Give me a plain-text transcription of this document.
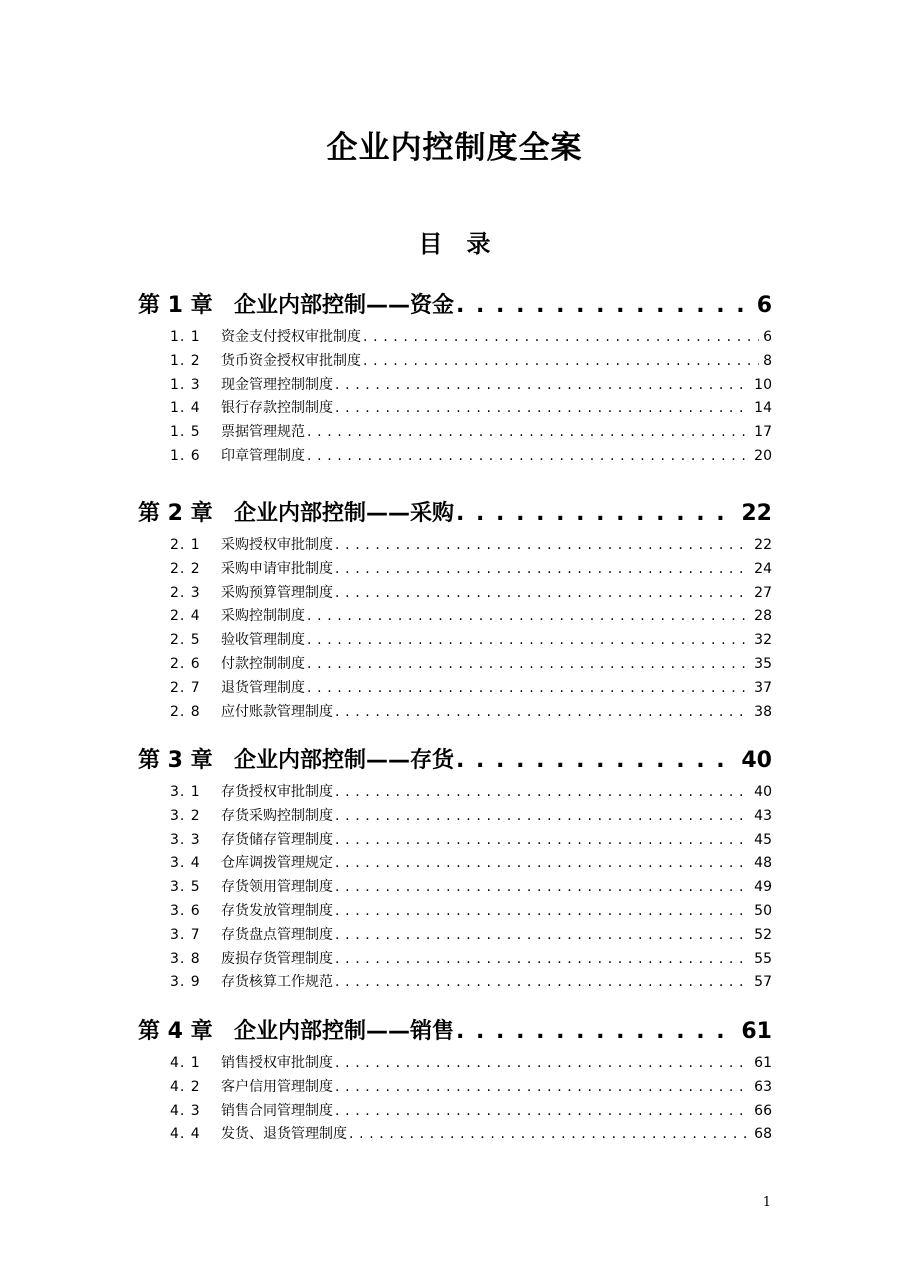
企业内控制度全案
目　录
第 1 章 企业内部控制——资金 . . .	6
1. 1	资金支付授权审批制度 . . .	6
1. 2	货币资金授权审批制度 . . .	8
1. 3	现金管理控制制度 . . .	10
1. 4	银行存款控制制度 . . .	14
1. 5	票据管理规范 . . .	17
1. 6	印章管理制度 . . .	20
第 2 章 企业内部控制——采购 . . .	22
2. 1	采购授权审批制度 . . .	22
2. 2	采购申请审批制度 . . .	24
2. 3	采购预算管理制度 . . .	27
2. 4	采购控制制度 . . .	28
2. 5	验收管理制度 . . .	32
2. 6	付款控制制度 . . .	35
2. 7	退货管理制度 . . .	37
2. 8	应付账款管理制度 . . .	38
第 3 章 企业内部控制——存货 . . .	40
3. 1	存货授权审批制度 . . .	40
3. 2	存货采购控制制度 . . .	43
3. 3	存货储存管理制度 . . .	45
3. 4	仓库调拨管理规定 . . .	48
3. 5	存货领用管理制度 . . .	49
3. 6	存货发放管理制度 . . .	50
3. 7	存货盘点管理制度 . . .	52
3. 8	废损存货管理制度 . . .	55
3. 9	存货核算工作规范 . . .	57
第 4 章 企业内部控制——销售 . . .	61
4. 1	销售授权审批制度 . . .	61
4. 2	客户信用管理制度 . . .	63
4. 3	销售合同管理制度 . . .	66
4. 4	发货、退货管理制度 . . .	68
1
